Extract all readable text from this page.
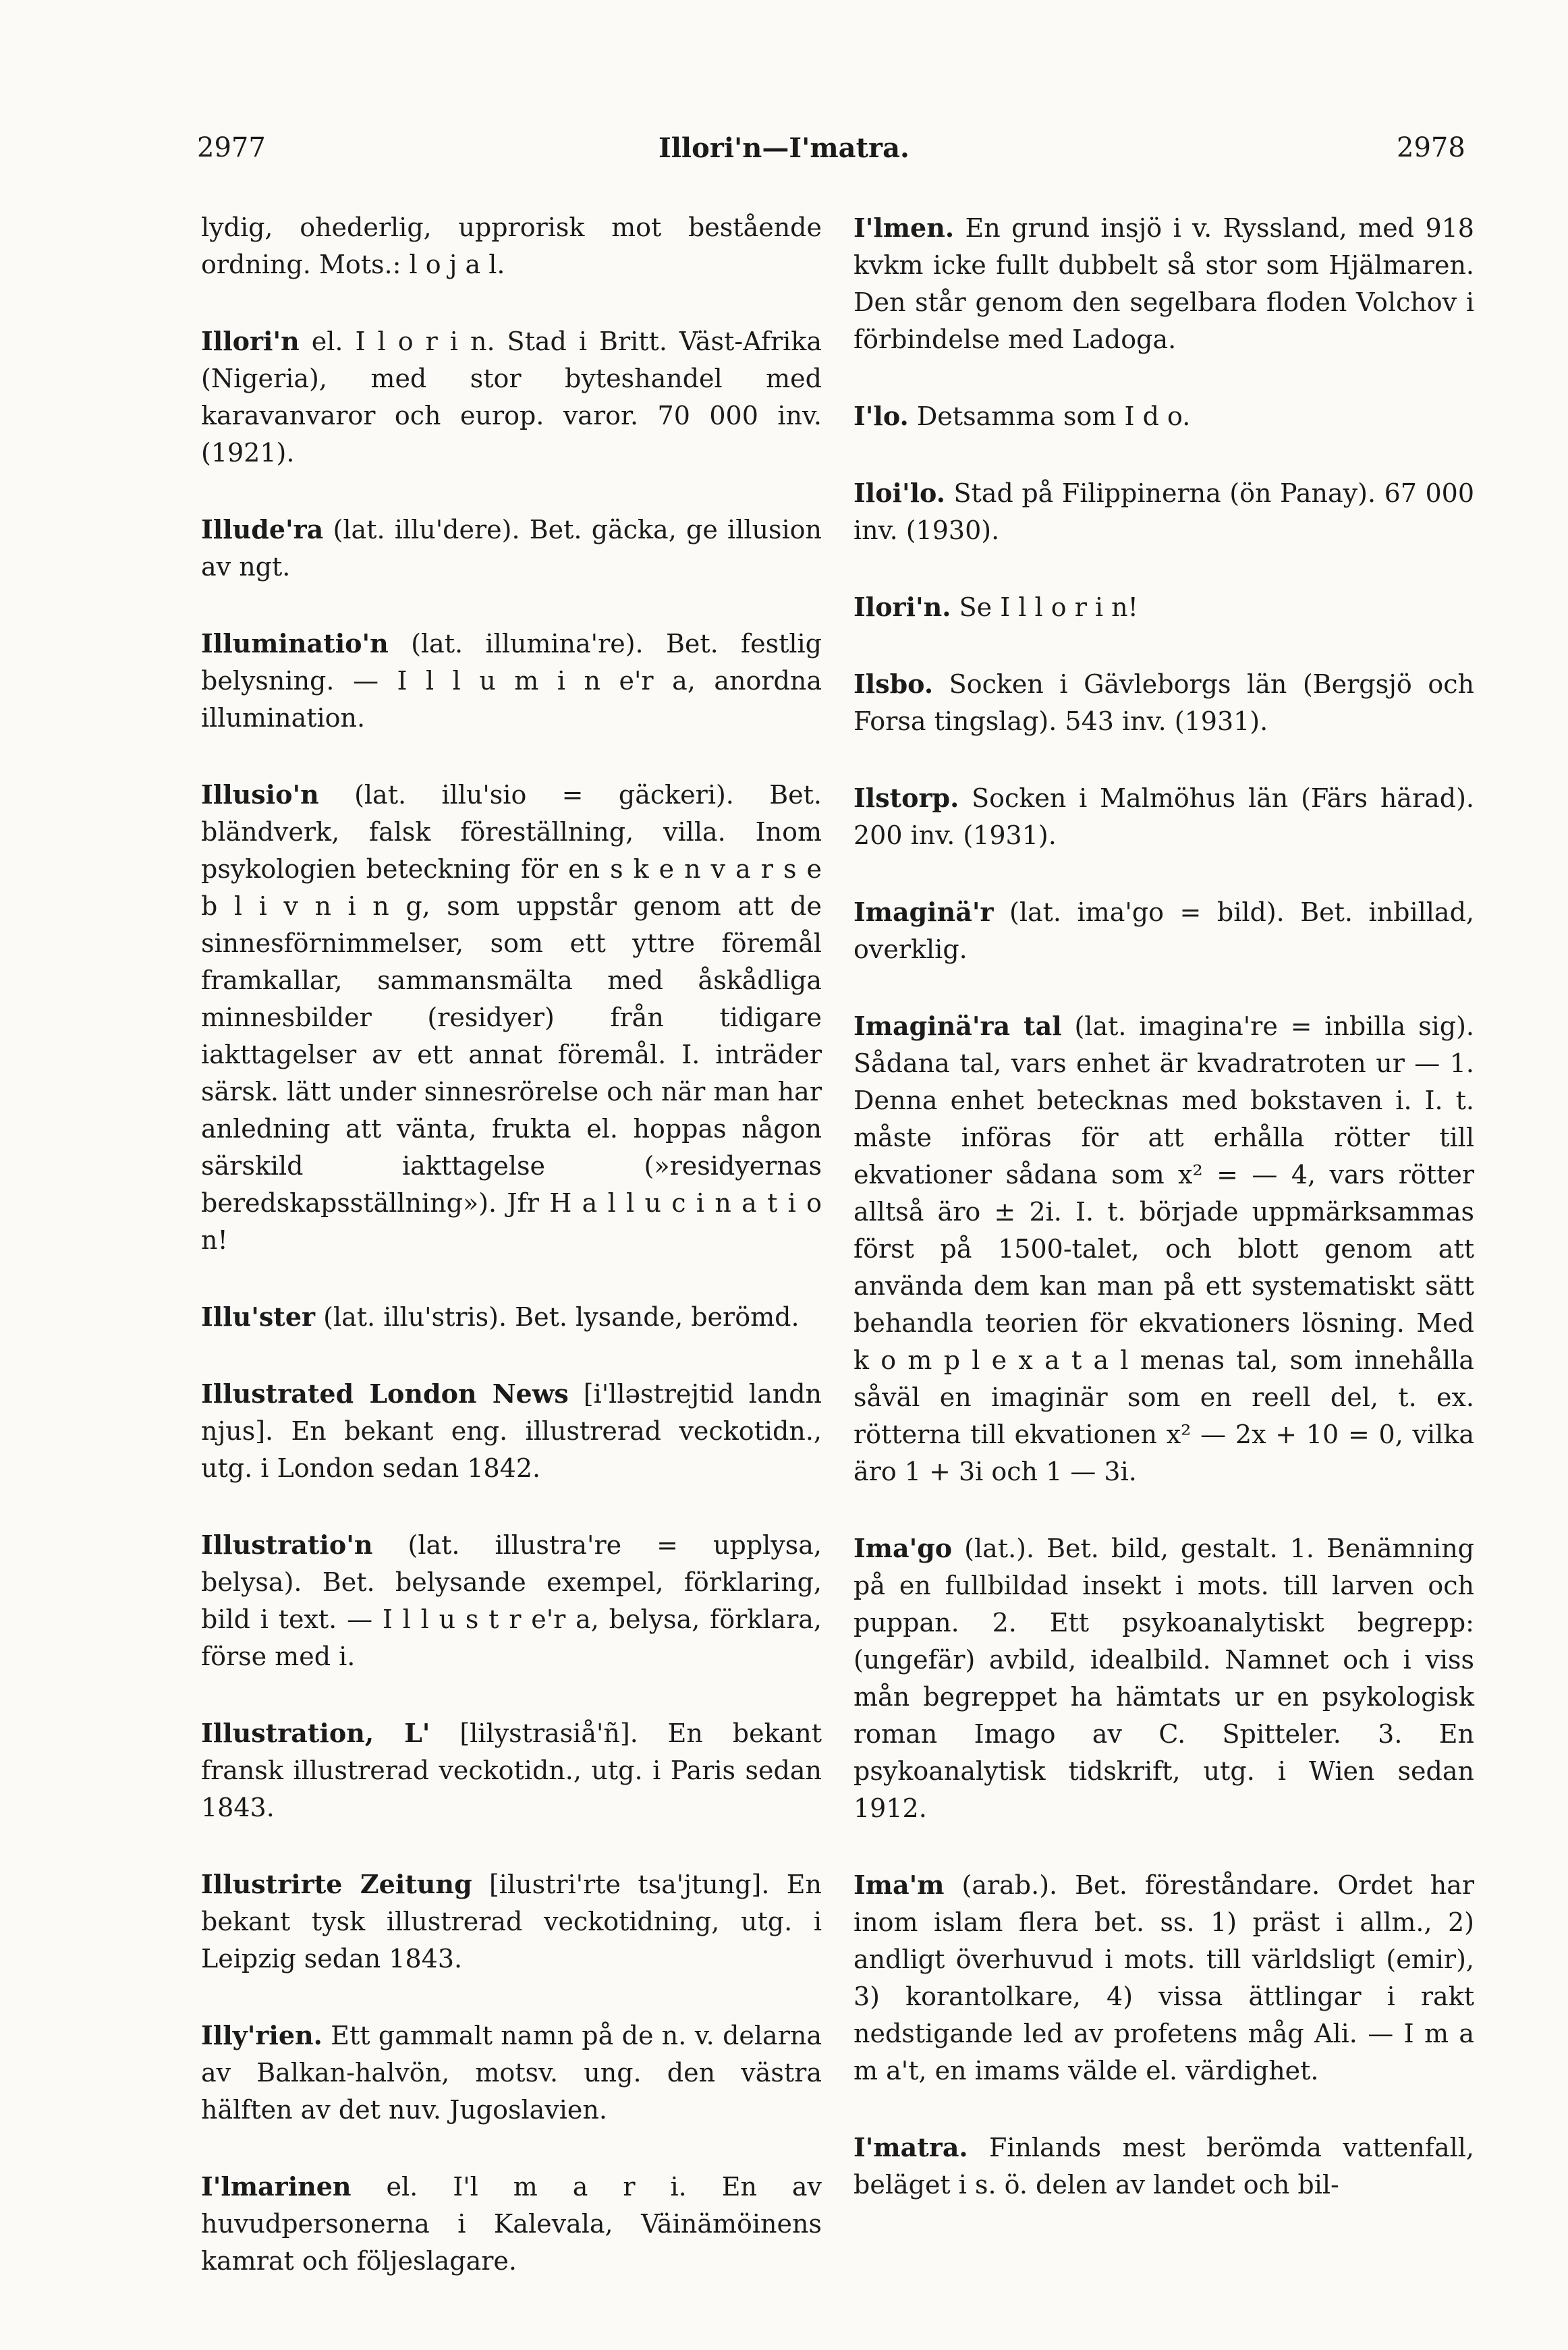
2977	Illori'n—I'matra.	2978

lydig, ohederlig, upprorisk mot bestående ordning. Mots.: l o j a l.

Illori'n el. I l o r i n. Stad i Britt. Väst-Afrika (Nigeria), med stor byteshandel med karavanvaror och europ. varor. 70 000 inv. (1921).

Illude'ra (lat. illu'dere). Bet. gäcka, ge illusion av ngt.

Illuminatio'n (lat. illumina're). Bet. festlig belysning. — I l l u m i n e'r a, anordna illumination.

Illusio'n (lat. illu'sio = gäckeri). Bet. bländverk, falsk föreställning, villa. Inom psykologien beteckning för en s k e n v a r s e b l i v n i n g, som uppstår genom att de sinnesförnimmelser, som ett yttre föremål framkallar, sammansmälta med åskådliga minnesbilder (residyer) från tidigare iakttagelser av ett annat föremål. I. inträder särsk. lätt under sinnesrörelse och när man har anledning att vänta, frukta el. hoppas någon särskild iakttagelse (»residyernas beredskapsställning»). Jfr H a l l u c i n a t i o n!

Illu'ster (lat. illu'stris). Bet. lysande, berömd.

Illustrated London News [i'lləstrejtid landn njus]. En bekant eng. illustrerad veckotidn., utg. i London sedan 1842.

Illustratio'n (lat. illustra're = upplysa, belysa). Bet. belysande exempel, förklaring, bild i text. — I l l u s t r e'r a, belysa, förklara, förse med i.

Illustration, L' [lilystrasiå'ñ]. En bekant fransk illustrerad veckotidn., utg. i Paris sedan 1843.

Illustrirte Zeitung [ilustri'rte tsa'jtung]. En bekant tysk illustrerad veckotidning, utg. i Leipzig sedan 1843.

Illy'rien. Ett gammalt namn på de n. v. delarna av Balkan-halvön, motsv. ung. den västra hälften av det nuv. Jugoslavien.

I'lmarinen el. I'l m a r i. En av huvudpersonerna i Kalevala, Väinämöinens kamrat och följeslagare.

I'lmen. En grund insjö i v. Ryssland, med 918 kvkm icke fullt dubbelt så stor som Hjälmaren. Den står genom den segelbara floden Volchov i förbindelse med Ladoga.

I'lo. Detsamma som I d o.

Iloi'lo. Stad på Filippinerna (ön Panay). 67 000 inv. (1930).

Ilori'n. Se I l l o r i n!

Ilsbo. Socken i Gävleborgs län (Bergsjö och Forsa tingslag). 543 inv. (1931).

Ilstorp. Socken i Malmöhus län (Färs härad). 200 inv. (1931).

Imaginä'r (lat. ima'go = bild). Bet. inbillad, overklig.

Imaginä'ra tal (lat. imagina're = inbilla sig). Sådana tal, vars enhet är kvadratroten ur — 1. Denna enhet betecknas med bokstaven i. I. t. måste införas för att erhålla rötter till ekvationer sådana som x² = — 4, vars rötter alltså äro ± 2i. I. t. började uppmärksammas först på 1500-talet, och blott genom att använda dem kan man på ett systematiskt sätt behandla teorien för ekvationers lösning. Med k o m p l e x a t a l menas tal, som innehålla såväl en imaginär som en reell del, t. ex. rötterna till ekvationen x² — 2x + 10 = 0, vilka äro 1 + 3i och 1 — 3i.

Ima'go (lat.). Bet. bild, gestalt. 1. Benämning på en fullbildad insekt i mots. till larven och puppan. 2. Ett psykoanalytiskt begrepp: (ungefär) avbild, idealbild. Namnet och i viss mån begreppet ha hämtats ur en psykologisk roman Imago av C. Spitteler. 3. En psykoanalytisk tidskrift, utg. i Wien sedan 1912.

Ima'm (arab.). Bet. föreståndare. Ordet har inom islam flera bet. ss. 1) präst i allm., 2) andligt överhuvud i mots. till världsligt (emir), 3) korantolkare, 4) vissa ättlingar i rakt nedstigande led av profetens måg Ali. — I m a m a't, en imams välde el. värdighet.

I'matra. Finlands mest berömda vattenfall, beläget i s. ö. delen av landet och bil-
